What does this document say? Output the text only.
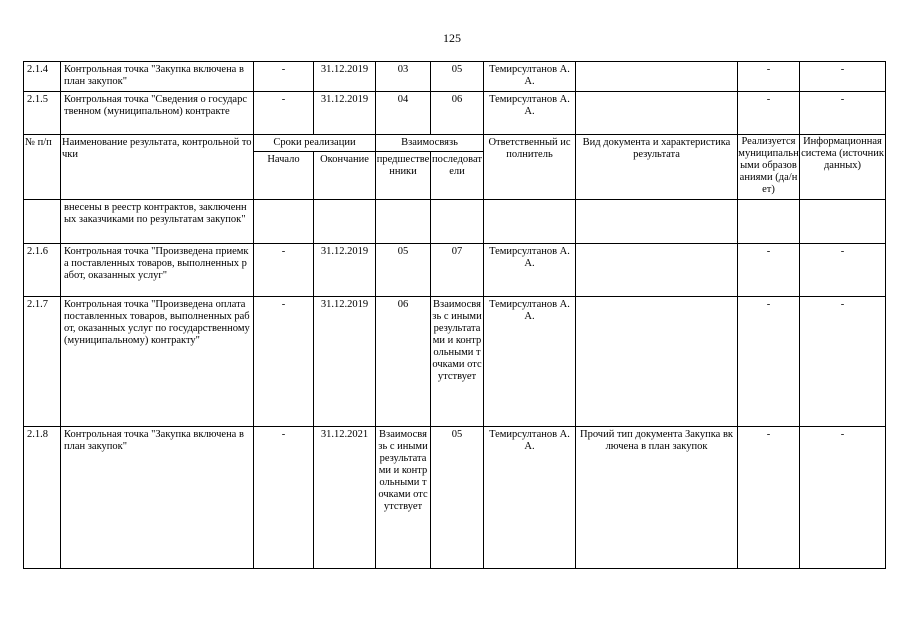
125
2.1.4	Контрольная точка "Закупка включена в план закупок"	-	31.12.2019	03	05	Темирсултанов А.А.		-	-
2.1.5	Контрольная точка "Сведения о государственном (муниципальном) контракте	-	31.12.2019	04	06	Темирсултанов А.А.		-	-
№ п/п	Наименование результата, контрольной точки	Сроки реализации		Взаимосвязь		Ответственный исполнитель	Вид документа и характеристика результата	Реализуется муниципальными образованиями (да/нет)	Информационная система (источник данных)
		Начало	Окончание	предшественники	последователи				
	внесены в реестр контрактов, заключенных заказчиками по результатам закупок"								
2.1.6	Контрольная точка "Произведена приемка поставленных товаров, выполненных работ, оказанных услуг"	-	31.12.2019	05	07	Темирсултанов А.А.		-	-
2.1.7	Контрольная точка "Произведена оплата поставленных товаров, выполненных работ, оказанных услуг по государственному (муниципальному) контракту"	-	31.12.2019	06	Взаимосвязь с иными результатами и контрольными точками отсутствует	Темирсултанов А.А.		-	-
2.1.8	Контрольная точка "Закупка включена в план закупок"	-	31.12.2021	Взаимосвязь с иными результатами и контрольными точками отсутствует	05	Темирсултанов А.А.	Прочий тип документа Закупка включена в план закупок	-	-
